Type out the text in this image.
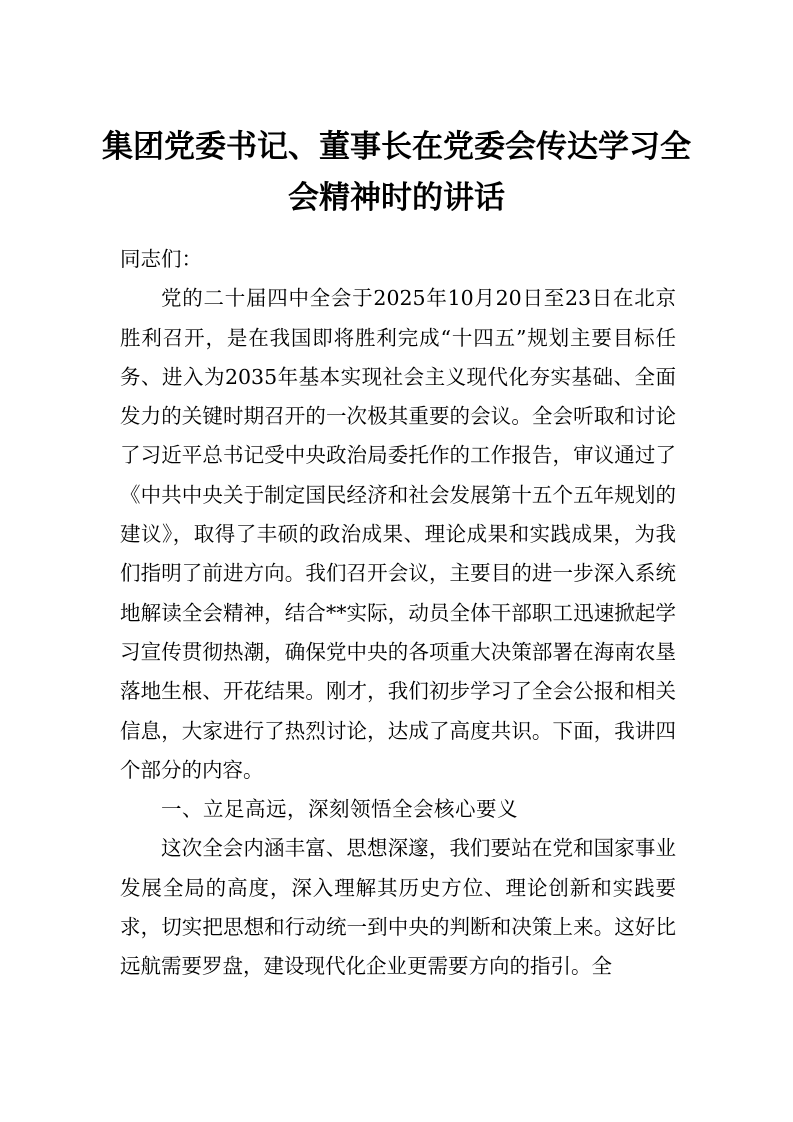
集团党委书记、董事长在党委会传达学习全会精神时的讲话

同志们：

党的二十届四中全会于2025年10月20日至23日在北京胜利召开，是在我国即将胜利完成“十四五”规划主要目标任务、进入为2035年基本实现社会主义现代化夯实基础、全面发力的关键时期召开的一次极其重要的会议。全会听取和讨论了习近平总书记受中央政治局委托作的工作报告，审议通过了《中共中央关于制定国民经济和社会发展第十五个五年规划的建议》，取得了丰硕的政治成果、理论成果和实践成果，为我们指明了前进方向。我们召开会议，主要目的进一步深入系统地解读全会精神，结合**实际，动员全体干部职工迅速掀起学习宣传贯彻热潮，确保党中央的各项重大决策部署在海南农垦落地生根、开花结果。刚才，我们初步学习了全会公报和相关信息，大家进行了热烈讨论，达成了高度共识。下面，我讲四个部分的内容。

一、立足高远，深刻领悟全会核心要义

这次全会内涵丰富、思想深邃，我们要站在党和国家事业发展全局的高度，深入理解其历史方位、理论创新和实践要求，切实把思想和行动统一到中央的判断和决策上来。这好比远航需要罗盘，建设现代化企业更需要方向的指引。全
